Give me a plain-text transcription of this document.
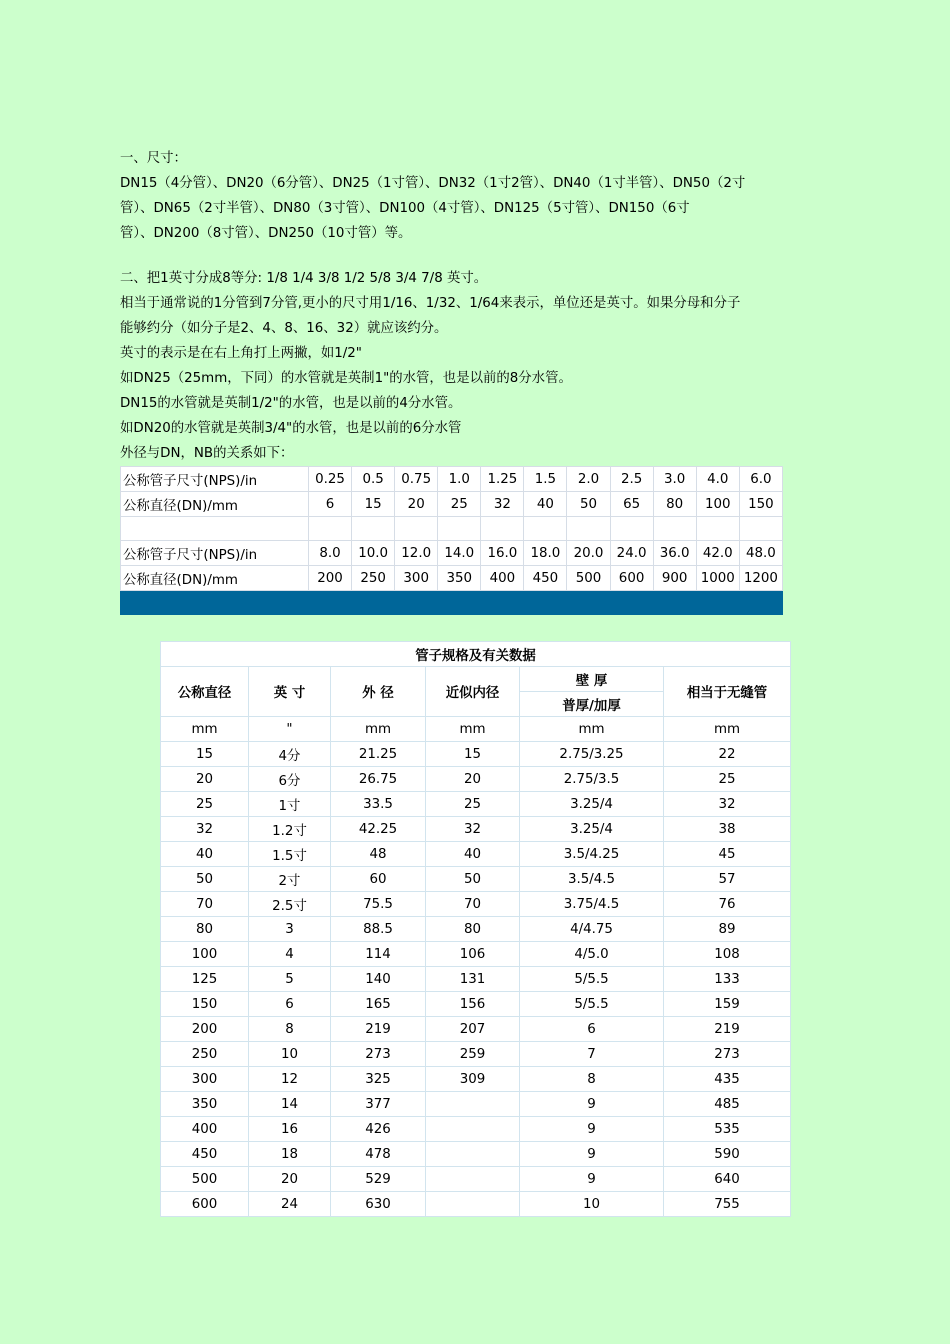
一、尺寸：
DN15（4分管）、DN20（6分管）、DN25（1寸管）、DN32（1寸2管）、DN40（1寸半管）、DN50（2寸
管）、DN65（2寸半管）、DN80（3寸管）、DN100（4寸管）、DN125（5寸管）、DN150（6寸
管）、DN200（8寸管）、DN250（10寸管）等。
二、把1英寸分成8等分: 1/8 1/4 3/8 1/2 5/8 3/4 7/8 英寸。
相当于通常说的1分管到7分管,更小的尺寸用1/16、1/32、1/64来表示，单位还是英寸。如果分母和分子
能够约分（如分子是2、4、8、16、32）就应该约分。
英寸的表示是在右上角打上两撇，如1/2"
如DN25（25mm，下同）的水管就是英制1"的水管，也是以前的8分水管。
DN15的水管就是英制1/2"的水管，也是以前的4分水管。
如DN20的水管就是英制3/4"的水管，也是以前的6分水管
外径与DN，NB的关系如下：
公称管子尺寸(NPS)/in	0.25	0.5	0.75	1.0	1.25	1.5	2.0	2.5	3.0	4.0	6.0
公称直径(DN)/mm	6	15	20	25	32	40	50	65	80	100	150

公称管子尺寸(NPS)/in	8.0	10.0	12.0	14.0	16.0	18.0	20.0	24.0	36.0	42.0	48.0
公称直径(DN)/mm	200	250	300	350	400	450	500	600	900	1000	1200
管子规格及有关数据					
公称直径	英 寸	外 径	近似内径	壁 厚	相当于无缝管
				普厚/加厚	
mm	"	mm	mm	mm	mm
15	4分	21.25	15	2.75/3.25	22
20	6分	26.75	20	2.75/3.5	25
25	1寸	33.5	25	3.25/4	32
32	1.2寸	42.25	32	3.25/4	38
40	1.5寸	48	40	3.5/4.25	45
50	2寸	60	50	3.5/4.5	57
70	2.5寸	75.5	70	3.75/4.5	76
80	3	88.5	80	4/4.75	89
100	4	114	106	4/5.0	108
125	5	140	131	5/5.5	133
150	6	165	156	5/5.5	159
200	8	219	207	6	219
250	10	273	259	7	273
300	12	325	309	8	435
350	14	377		9	485
400	16	426		9	535
450	18	478		9	590
500	20	529		9	640
600	24	630		10	755
